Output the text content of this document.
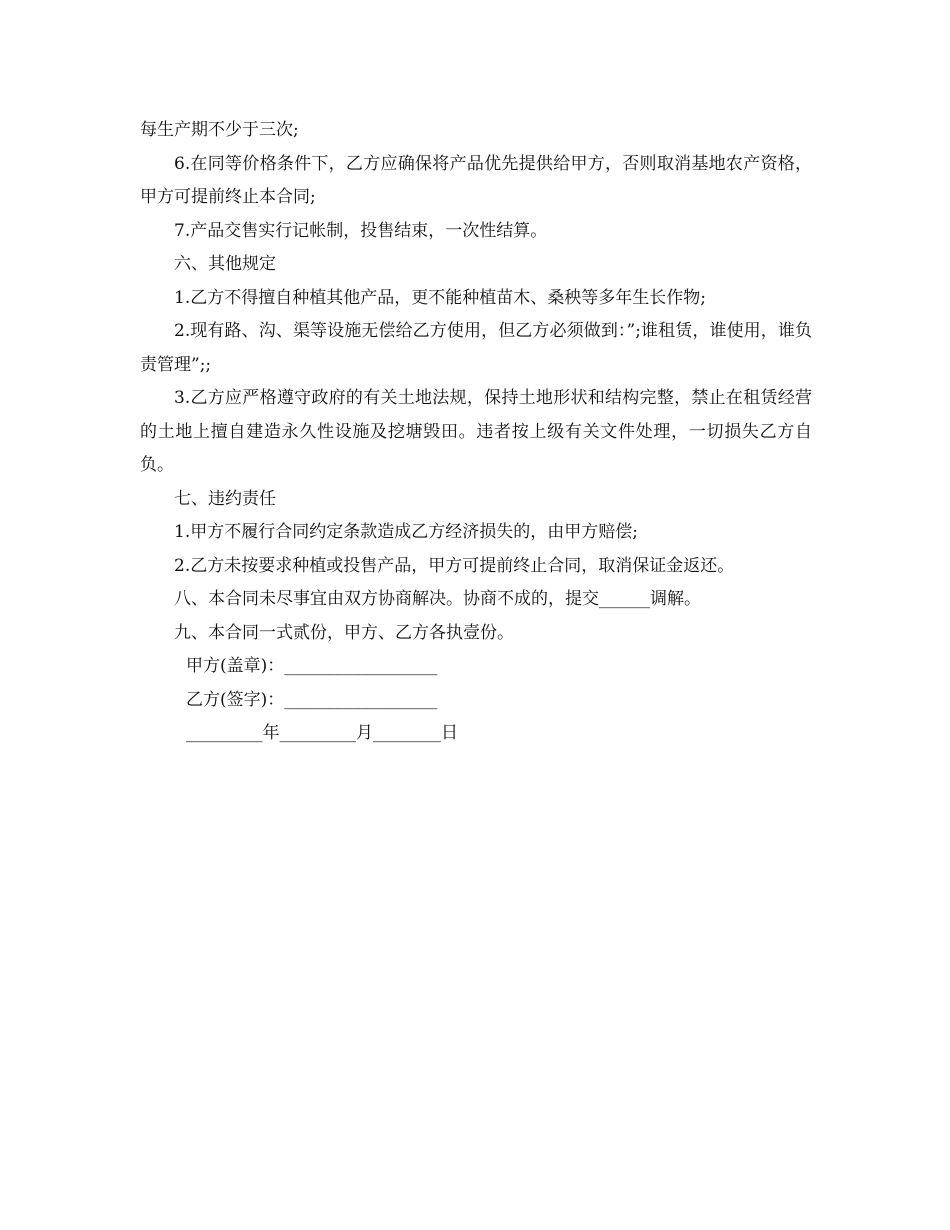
每生产期不少于三次;

6.在同等价格条件下，乙方应确保将产品优先提供给甲方，否则取消基地农产资格，甲方可提前终止本合同;

7.产品交售实行记帐制，投售结束，一次性结算。

六、其他规定

1.乙方不得擅自种植其他产品，更不能种植苗木、桑秧等多年生长作物;

2.现有路、沟、渠等设施无偿给乙方使用，但乙方必须做到：”;谁租赁，谁使用，谁负责管理”;;

3.乙方应严格遵守政府的有关土地法规，保持土地形状和结构完整，禁止在租赁经营的土地上擅自建造永久性设施及挖塘毁田。违者按上级有关文件处理，一切损失乙方自负。

七、违约责任

1.甲方不履行合同约定条款造成乙方经济损失的，由甲方赔偿;

2.乙方未按要求种植或投售产品，甲方可提前终止合同，取消保证金返还。

八、本合同未尽事宜由双方协商解决。协商不成的，提交______调解。

九、本合同一式贰份，甲方、乙方各执壹份。

甲方(盖章)：__________________

乙方(签字)：__________________

_________年_________月________日
